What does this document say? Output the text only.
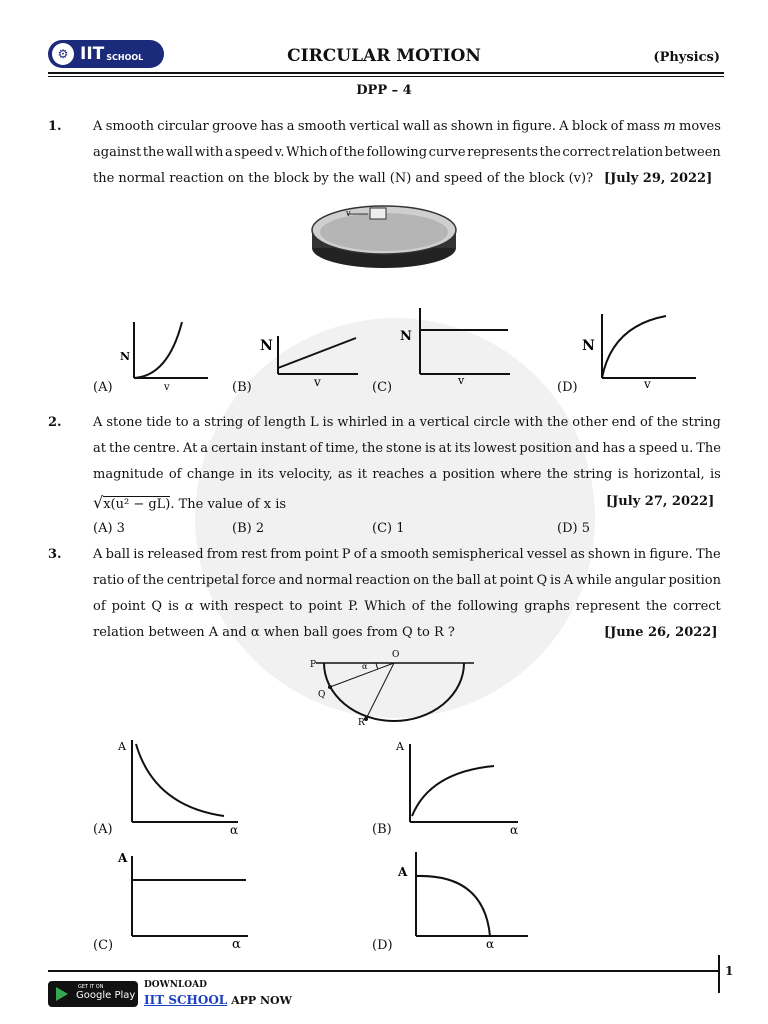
⚙ IIT SCHOOL	CIRCULAR MOTION	(Physics)
DPP – 4
1. A smooth circular groove has a smooth vertical wall as shown in figure. A block of mass m moves
against the wall with a speed v. Which of the following curve represents the correct relation between
the normal reaction on the block by the wall (N) and speed of the block (v)? [July 29, 2022]
v
N
v
N
v
N
v
N
v
(A)	(B)	(C)	(D)
2. A stone tide to a string of length L is whirled in a vertical circle with the other end of the string
at the centre. At a certain instant of time, the stone is at its lowest position and has a speed u. The
magnitude of change in its velocity, as it reaches a position where the string is horizontal, is
√x(u² − gL). The value of x is	[July 27, 2022]
(A) 3	(B) 2	(C) 1	(D) 5
3. A ball is released from rest from point P of a smooth semispherical vessel as shown in figure. The
ratio of the centripetal force and normal reaction on the ball at point Q is A while angular position
of point Q is α with respect to point P. Which of the following graphs represent the correct
relation between A and α when ball goes from Q to R ?	[June 26, 2022]
P
Q
R
O
α
A
α
A
α
A
α
A
α
(A)	(B)
(C)	(D)
1
GET IT ON
Google Play
DOWNLOAD
IIT SCHOOL APP NOW
